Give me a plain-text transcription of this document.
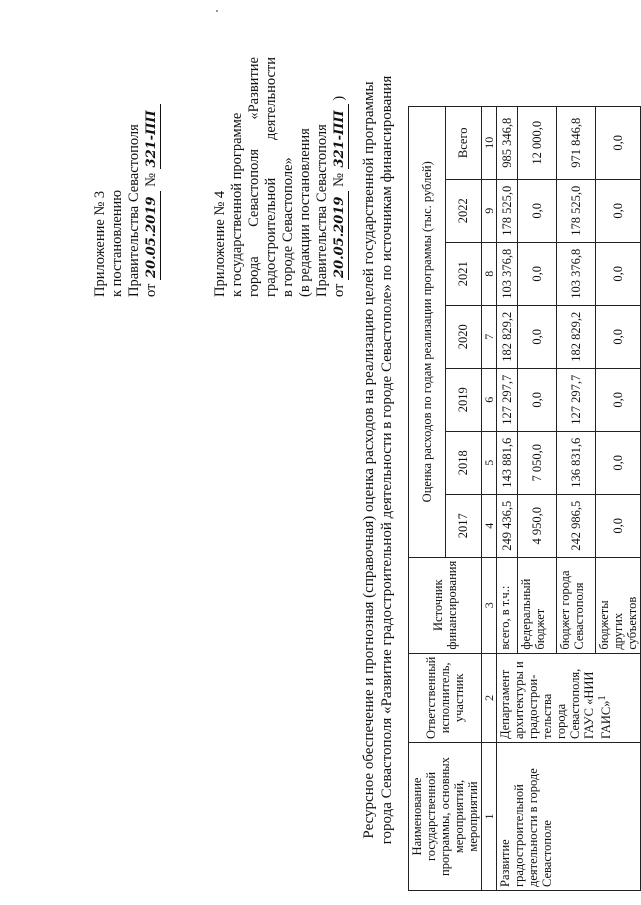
Приложение № 3 к постановлению Правительства Севастополя от 20.05.2019 № 321-ПП
Приложение № 4 к государственной программе города
Севастополя
«Развитие
градостроительной
деятельности
в городе Севастополе» (в редакции постановления Правительства Севастополя от 20.05.2019 № 321-ПП ) Ресурсное обеспечение и прогнозная (справочная) оценка расходов на реализацию целей государственной программы города Севастополя «Развитие градостроительной деятельности в городе Севастополе» по источникам финансирования Наименование государственной программы, основных мероприятий, мероприятий	Ответственный исполнитель, участник	Источник финансирования	Оценка расходов по годам реализации программы (тыс. рублей)						
			2017	2018	2019	2020	2021	2022	Всего
1	2	3	4	5	6	7	8	9	10
Развитие градостроительной деятельности в городе Севастополе	Департамент архитектуры и градострои-тельства города Севастополя, ГАУС «НИИ ГАИС»$^1$	всего, в т.ч.:	249 436,5	143 881,6	127 297,7	182 829,2	103 376,8	178 525,0	985 346,8
		федеральный бюджет	4 950,0	7 050,0	0,0	0,0	0,0	0,0	12 000,0
		бюджет города Севастополя	242 986,5	136 831,6	127 297,7	182 829,2	103 376,8	178 525,0	971 846,8
		бюджеты других субъектов	0,0	0,0	0,0	0,0	0,0	0,0	0,0
